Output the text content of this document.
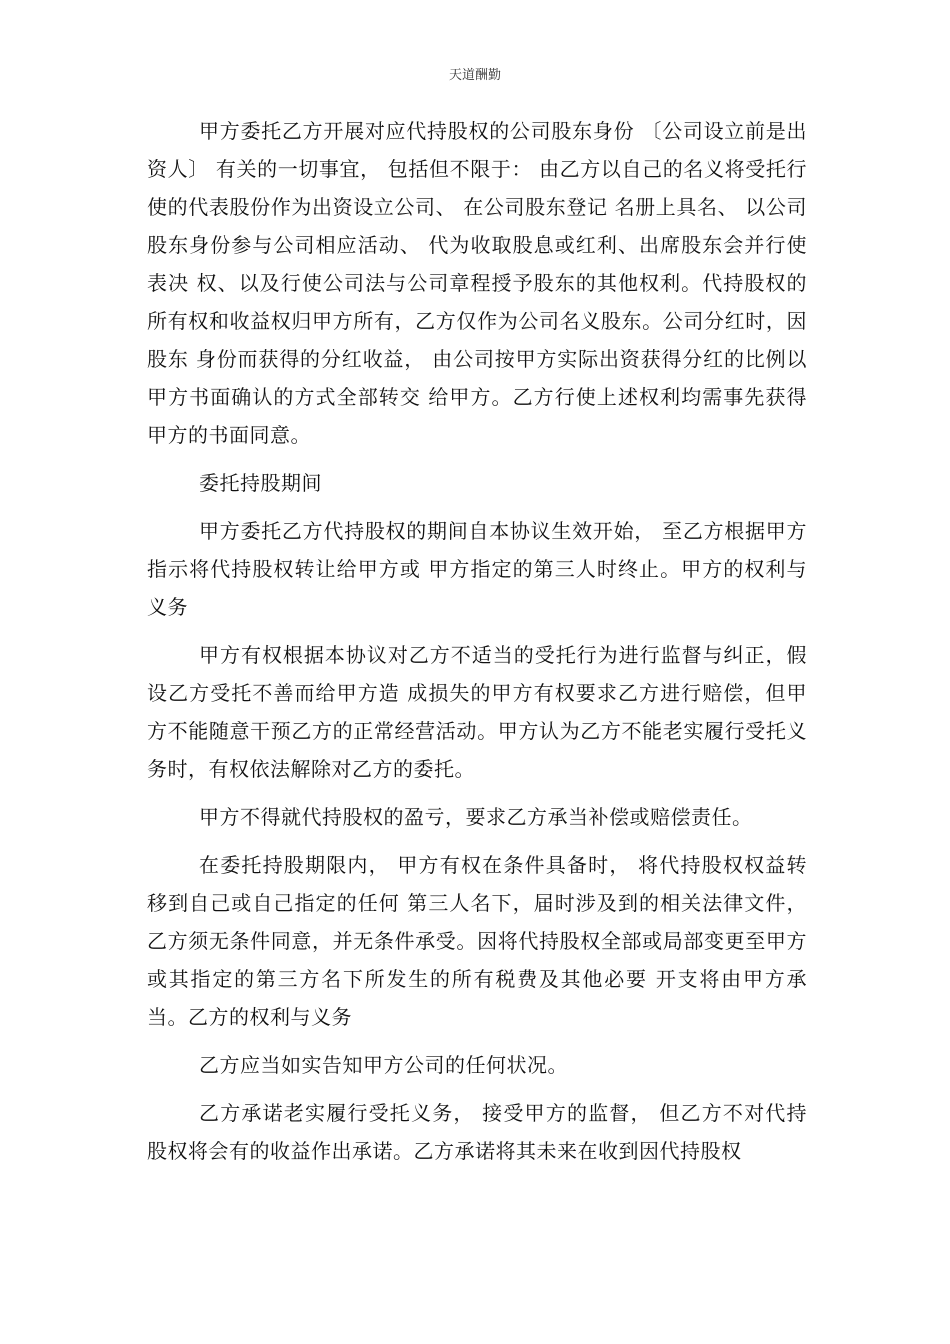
天道酬勤

甲方委托乙方开展对应代持股权的公司股东身份 〔公司设立前是出资人〕 有关的一切事宜， 包括但不限于： 由乙方以自己的名义将受托行使的代表股份作为出资设立公司、 在公司股东登记 名册上具名、 以公司股东身份参与公司相应活动、 代为收取股息或红利、出席股东会并行使表决 权、以及行使公司法与公司章程授予股东的其他权利。代持股权的所有权和收益权归甲方所有，乙方仅作为公司名义股东。公司分红时，因股东 身份而获得的分红收益， 由公司按甲方实际出资获得分红的比例以甲方书面确认的方式全部转交 给甲方。乙方行使上述权利均需事先获得甲方的书面同意。

委托持股期间

甲方委托乙方代持股权的期间自本协议生效开始， 至乙方根据甲方指示将代持股权转让给甲方或 甲方指定的第三人时终止。甲方的权利与义务

甲方有权根据本协议对乙方不适当的受托行为进行监督与纠正，假设乙方受托不善而给甲方造 成损失的甲方有权要求乙方进行赔偿，但甲方不能随意干预乙方的正常经营活动。甲方认为乙方不能老实履行受托义务时，有权依法解除对乙方的委托。

甲方不得就代持股权的盈亏，要求乙方承当补偿或赔偿责任。

在委托持股期限内， 甲方有权在条件具备时， 将代持股权权益转移到自己或自己指定的任何 第三人名下，届时涉及到的相关法律文件，乙方须无条件同意，并无条件承受。因将代持股权全部或局部变更至甲方或其指定的第三方名下所发生的所有税费及其他必要 开支将由甲方承当。乙方的权利与义务

乙方应当如实告知甲方公司的任何状况。

乙方承诺老实履行受托义务， 接受甲方的监督， 但乙方不对代持股权将会有的收益作出承诺。乙方承诺将其未来在收到因代持股权
